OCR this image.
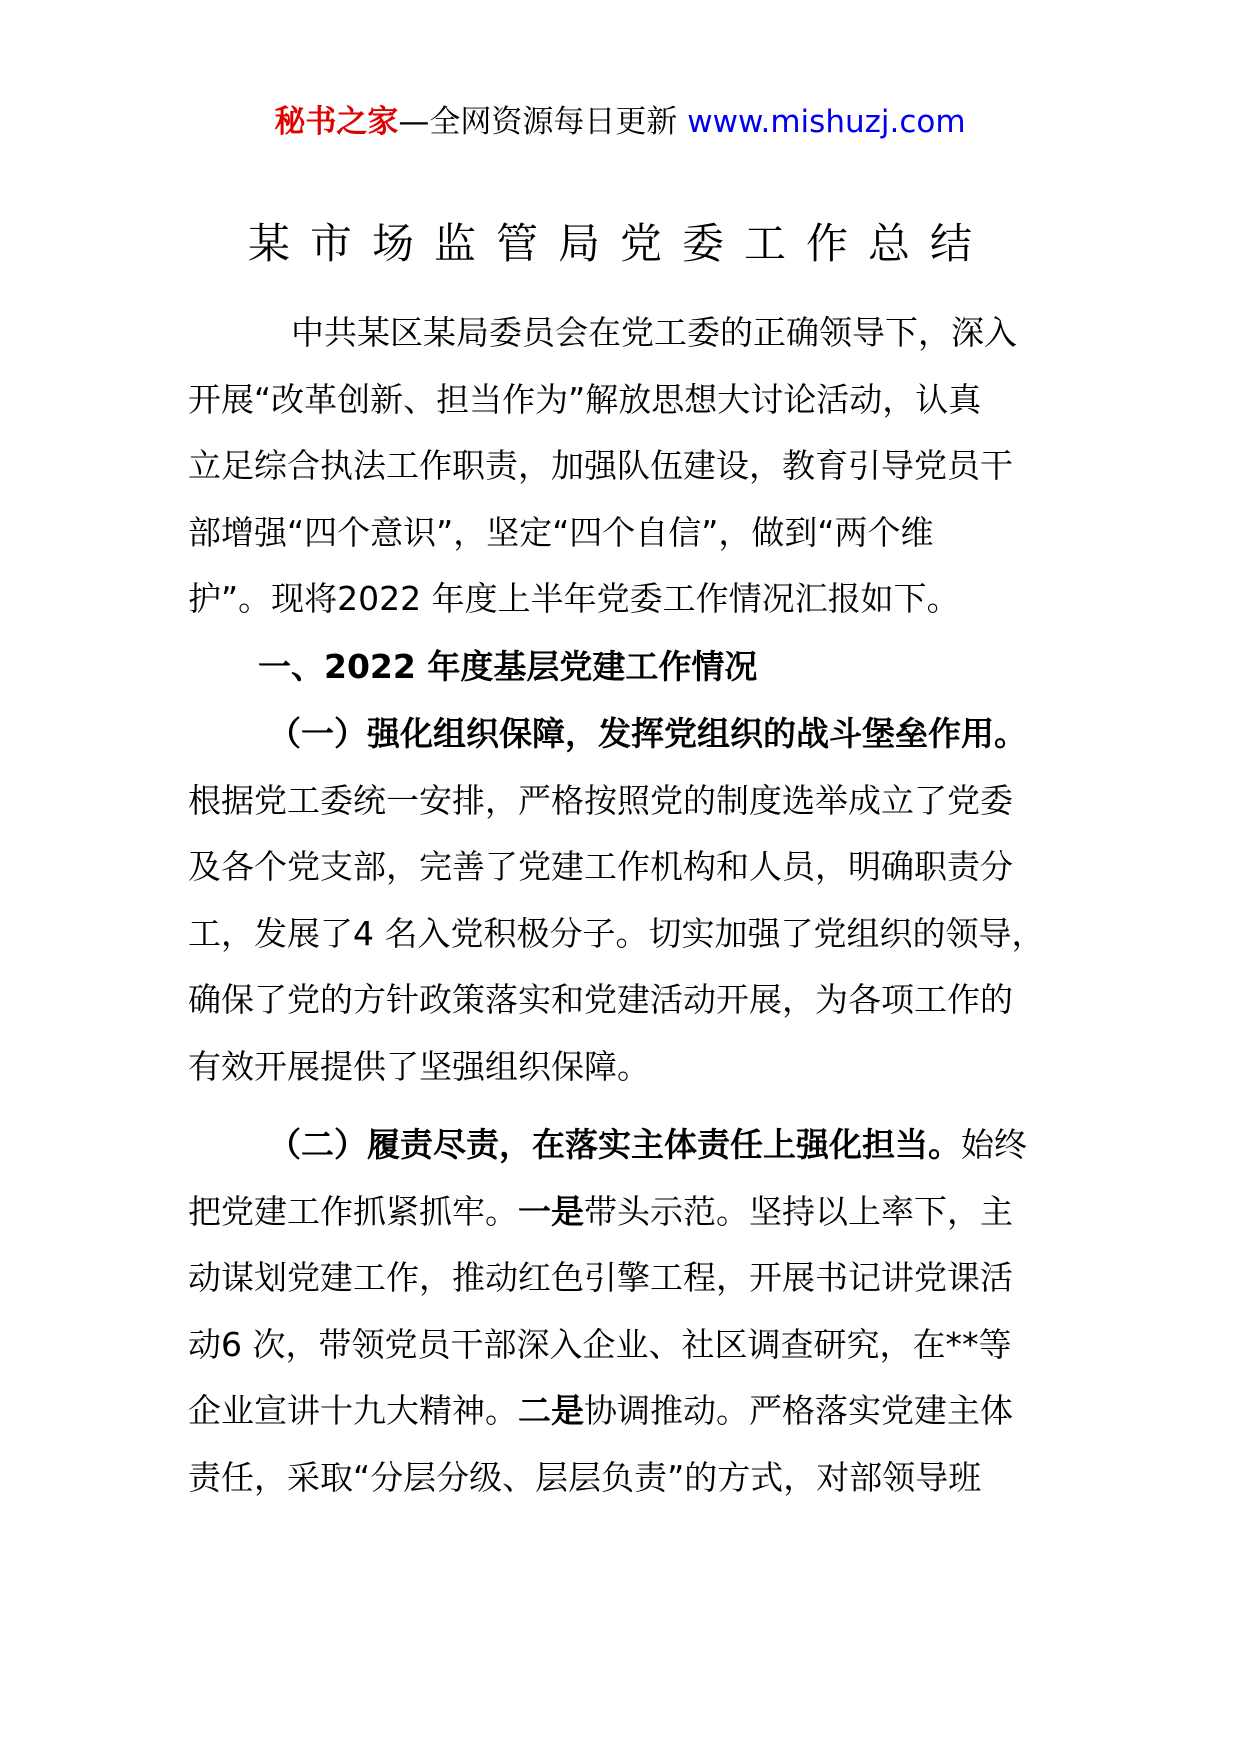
秘书之家—全网资源每日更新 www.mishuzj.com
某市场监管局党委工作总结
中共某区某局委员会在党工委的正确领导下，深入
开展“改革创新、担当作为”解放思想大讨论活动，认真
立足综合执法工作职责，加强队伍建设，教育引导党员干
部增强“四个意识”，坚定“四个自信”，做到“两个维
护”。现将2022 年度上半年党委工作情况汇报如下。
一、2022 年度基层党建工作情况
（一）强化组织保障，发挥党组织的战斗堡垒作用。
根据党工委统一安排，严格按照党的制度选举成立了党委
及各个党支部，完善了党建工作机构和人员，明确职责分
工，发展了4 名入党积极分子。切实加强了党组织的领导，
确保了党的方针政策落实和党建活动开展，为各项工作的
有效开展提供了坚强组织保障。
（二）履责尽责，在落实主体责任上强化担当。始终
把党建工作抓紧抓牢。一是带头示范。坚持以上率下，主
动谋划党建工作，推动红色引擎工程，开展书记讲党课活
动6 次，带领党员干部深入企业、社区调查研究，在**等
企业宣讲十九大精神。二是协调推动。严格落实党建主体
责任，采取“分层分级、层层负责”的方式，对部领导班
